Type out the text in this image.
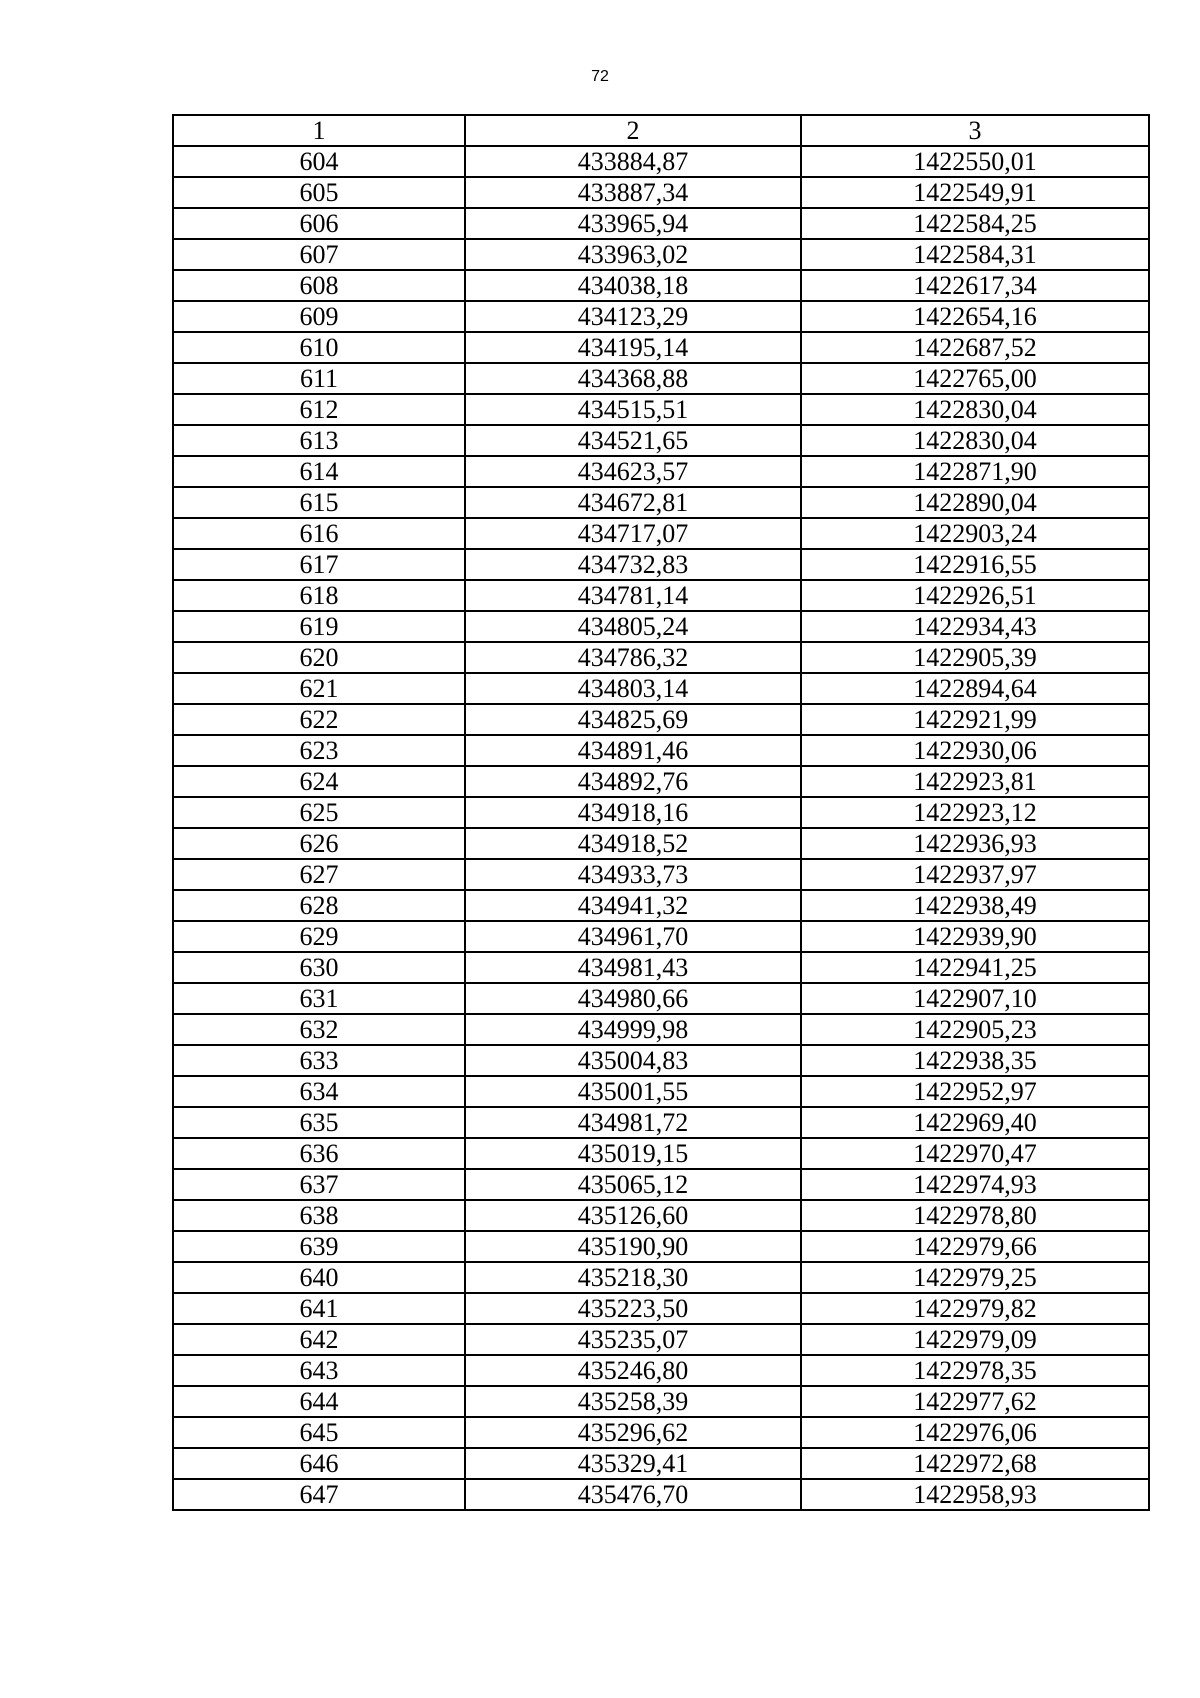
72
1	2	3
604	433884,87	1422550,01
605	433887,34	1422549,91
606	433965,94	1422584,25
607	433963,02	1422584,31
608	434038,18	1422617,34
609	434123,29	1422654,16
610	434195,14	1422687,52
611	434368,88	1422765,00
612	434515,51	1422830,04
613	434521,65	1422830,04
614	434623,57	1422871,90
615	434672,81	1422890,04
616	434717,07	1422903,24
617	434732,83	1422916,55
618	434781,14	1422926,51
619	434805,24	1422934,43
620	434786,32	1422905,39
621	434803,14	1422894,64
622	434825,69	1422921,99
623	434891,46	1422930,06
624	434892,76	1422923,81
625	434918,16	1422923,12
626	434918,52	1422936,93
627	434933,73	1422937,97
628	434941,32	1422938,49
629	434961,70	1422939,90
630	434981,43	1422941,25
631	434980,66	1422907,10
632	434999,98	1422905,23
633	435004,83	1422938,35
634	435001,55	1422952,97
635	434981,72	1422969,40
636	435019,15	1422970,47
637	435065,12	1422974,93
638	435126,60	1422978,80
639	435190,90	1422979,66
640	435218,30	1422979,25
641	435223,50	1422979,82
642	435235,07	1422979,09
643	435246,80	1422978,35
644	435258,39	1422977,62
645	435296,62	1422976,06
646	435329,41	1422972,68
647	435476,70	1422958,93
